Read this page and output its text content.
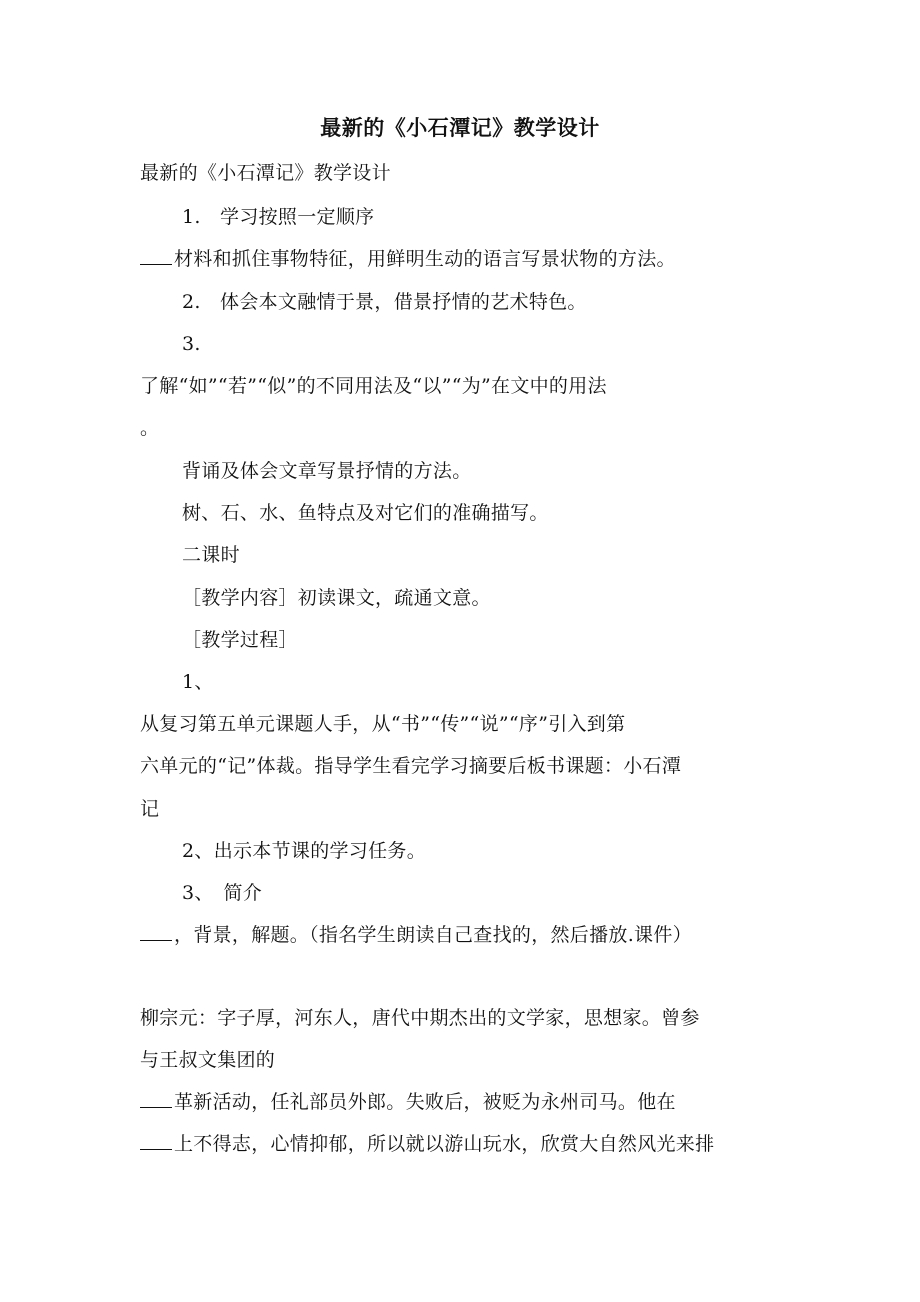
最新的《小石潭记》教学设计
最新的《小石潭记》教学设计
1.　学习按照一定顺序
材料和抓住事物特征，用鲜明生动的语言写景状物的方法。
2.　体会本文融情于景，借景抒情的艺术特色。
3.
了解“如”“若”“似”的不同用法及“以”“为”在文中的用法
。
背诵及体会文章写景抒情的方法。
树、石、水、鱼特点及对它们的准确描写。
二课时
［教学内容］初读课文，疏通文意。
［教学过程］
1、
从复习第五单元课题人手，从“书”“传”“说”“序”引入到第
六单元的“记”体裁。指导学生看完学习摘要后板书课题：小石潭
记
2、出示本节课的学习任务。
3、　简介
，背景，解题。（指名学生朗读自己查找的，然后播放.课件）
柳宗元：字子厚，河东人，唐代中期杰出的文学家，思想家。曾参
与王叔文集团的
革新活动，任礼部员外郎。失败后，被贬为永州司马。他在
上不得志，心情抑郁，所以就以游山玩水，欣赏大自然风光来排
